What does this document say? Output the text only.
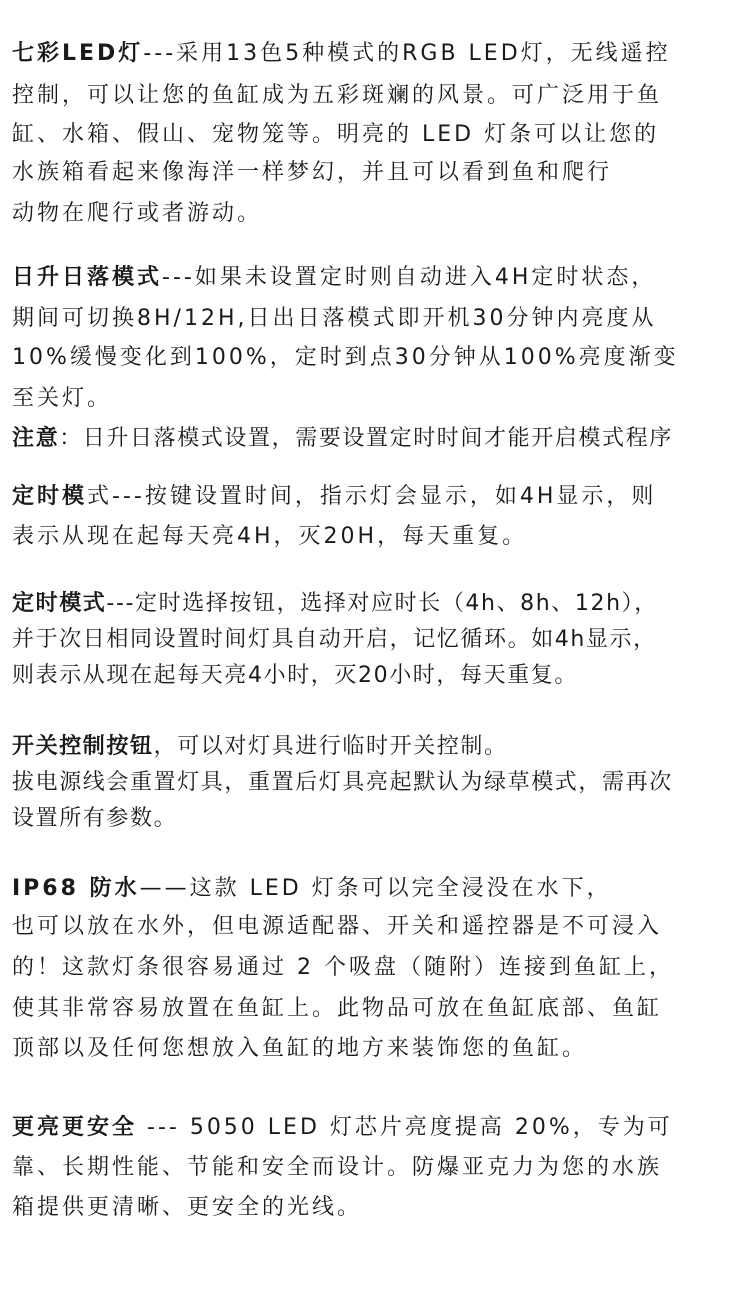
七彩LED灯---采用13色5种模式的RGB LED灯，无线遥控
控制，可以让您的鱼缸成为五彩斑斓的风景。可广泛用于鱼
缸、水箱、假山、宠物笼等。明亮的 LED 灯条可以让您的
水族箱看起来像海洋一样梦幻，并且可以看到鱼和爬行
动物在爬行或者游动。
日升日落模式---如果未设置定时则自动进入4H定时状态，
期间可切换8H/12H,日出日落模式即开机30分钟内亮度从
10%缓慢变化到100%，定时到点30分钟从100%亮度渐变
至关灯。
注意：日升日落模式设置，需要设置定时时间才能开启模式程序
定时模式---按键设置时间，指示灯会显示，如4H显示，则
表示从现在起每天亮4H，灭20H，每天重复。
定时模式---定时选择按钮，选择对应时长（4h、8h、12h），
并于次日相同设置时间灯具自动开启，记忆循环。如4h显示，
则表示从现在起每天亮4小时，灭20小时，每天重复。
开关控制按钮，可以对灯具进行临时开关控制。
拔电源线会重置灯具，重置后灯具亮起默认为绿草模式，需再次
设置所有参数。
IP68 防水——这款 LED 灯条可以完全浸没在水下，
也可以放在水外，但电源适配器、开关和遥控器是不可浸入
的！这款灯条很容易通过 2 个吸盘（随附）连接到鱼缸上，
使其非常容易放置在鱼缸上。此物品可放在鱼缸底部、鱼缸
顶部以及任何您想放入鱼缸的地方来装饰您的鱼缸。
更亮更安全 --- 5050 LED 灯芯片亮度提高 20%，专为可
靠、长期性能、节能和安全而设计。防爆亚克力为您的水族
箱提供更清晰、更安全的光线。
